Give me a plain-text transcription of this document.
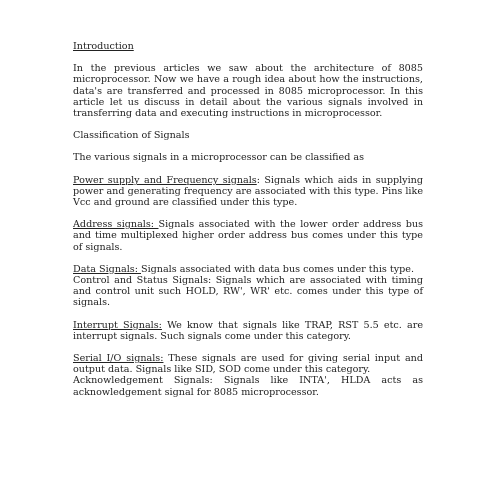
Introduction

In the previous articles we saw about the architecture of 8085 microprocessor. Now we have a rough idea about how the instructions, data's are transferred and processed in 8085 microprocessor. In this article let us discuss in detail about the various signals involved in transferring data and executing instructions in microprocessor.

Classification of Signals

The various signals in a microprocessor can be classified as

Power supply and Frequency signals: Signals which aids in supplying power and generating frequency are associated with this type. Pins like Vcc and ground are classified under this type.

Address signals: Signals associated with the lower order address bus and time multiplexed higher order address bus comes under this type of signals.

Data Signals: Signals associated with data bus comes under this type.

Control and Status Signals: Signals which are associated with timing and control unit such HOLD, RW', WR' etc. comes under this type of signals.

Interrupt Signals: We know that signals like TRAP, RST 5.5 etc. are interrupt signals. Such signals come under this category.

Serial I/O signals: These signals are used for giving serial input and output data. Signals like SID, SOD come under this category.

Acknowledgement Signals: Signals like INTA', HLDA acts as acknowledgement signal for 8085 microprocessor.
